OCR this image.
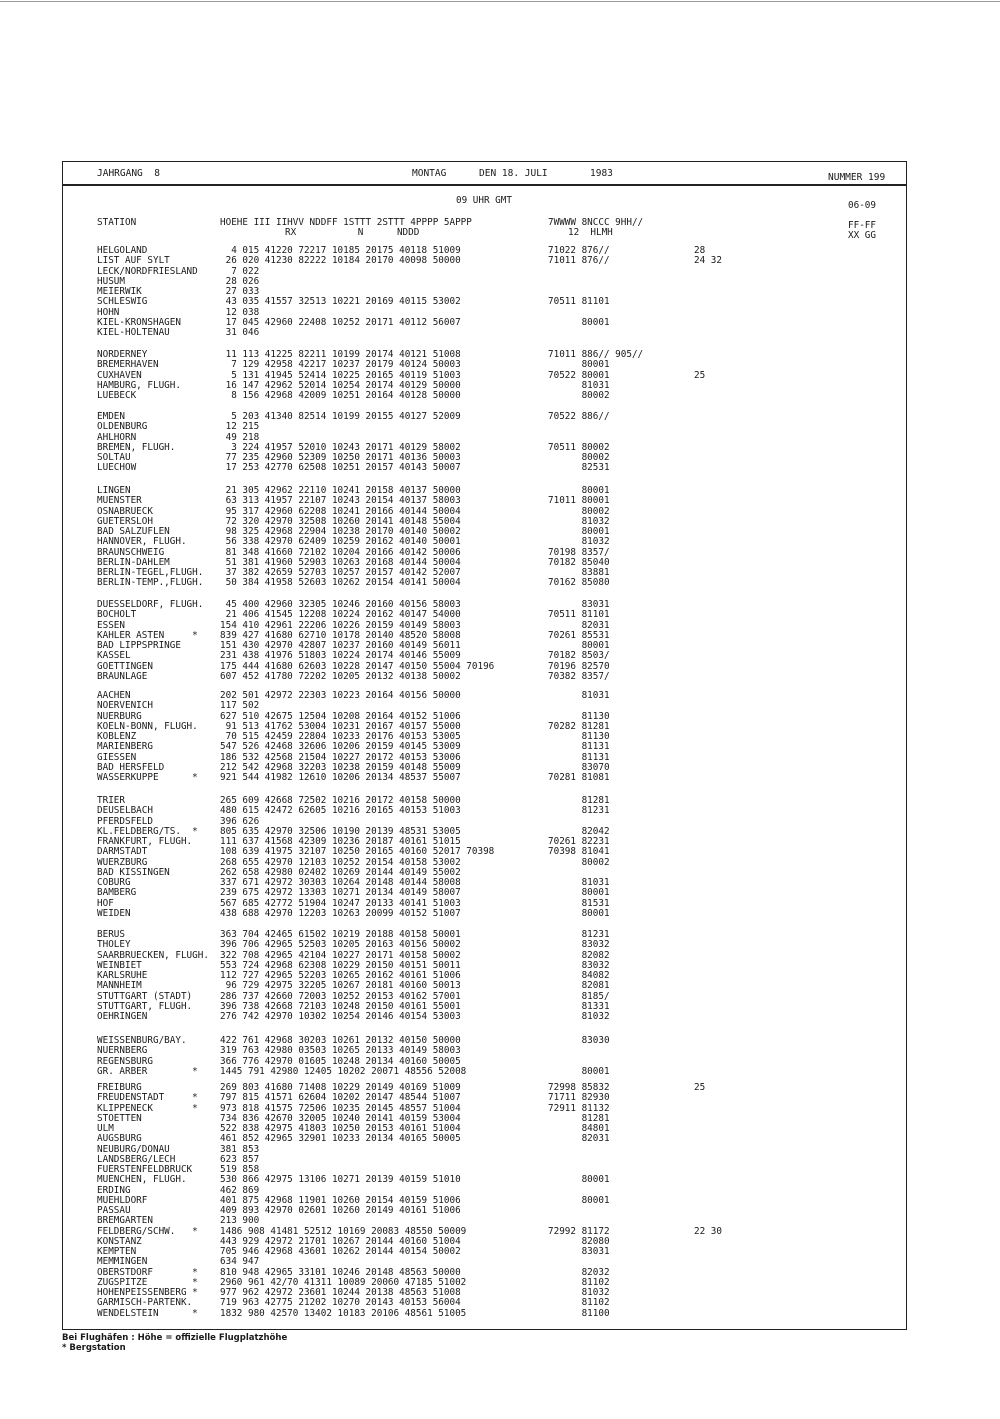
JAHRGANG  8	MONTAG	DEN 18. JULI	1983	NUMMER 199
09 UHR GMT	06-09
STATION	HOEHE III IIHVV NDDFF 1STTT 2STTT 4PPPP 5APPP	7WWWW 8NCCC 9HH//	FF-FF
RX           N      NDDD	12  HLMH	XX GG
HELGOLAND	4 015 41220 72217 10185 20175 40118 51009	71022 876//	28
LIST AUF SYLT	26 020 41230 82222 10184 20170 40098 50000	71011 876//	24 32
LECK/NORDFRIESLAND 7 022
HUSUM	28 026
MEIERWIK	27 033
SCHLESWIG	43 035 41557 32513 10221 20169 40115 53002	70511 81101
HOHN	12 038
KIEL-KRONSHAGEN	17 045 42960 22408 10252 20171 40112 56007	80001
KIEL-HOLTENAU	31 046
NORDERNEY	11 113 41225 82211 10199 20174 40121 51008	71011 886// 905//
BREMERHAVEN	7 129 42958 42217 10237 20179 40124 50003	80001
CUXHAVEN	5 131 41945 52414 10225 20165 40119 51003	70522 80001	25
HAMBURG, FLUGH.	16 147 42962 52014 10254 20174 40129 50000	81031
LUEBECK	8 156 42968 42009 10251 20164 40128 50000	80002
EMDEN	5 203 41340 82514 10199 20155 40127 52009	70522 886//
OLDENBURG	12 215
AHLHORN	49 218
BREMEN, FLUGH.	3 224 41957 52010 10243 20171 40129 58002	70511 80002
SOLTAU	77 235 42960 52309 10250 20171 40136 50003	80002
LUECHOW	17 253 42770 62508 10251 20157 40143 50007	82531
LINGEN	21 305 42962 22110 10241 20158 40137 50000	80001
MUENSTER	63 313 41957 22107 10243 20154 40137 58003	71011 80001
OSNABRUECK	95 317 42960 62208 10241 20166 40144 50004	80002
GUETERSLOH	72 320 42970 32508 10260 20141 40148 55004	81032
BAD SALZUFLEN	98 325 42968 22904 10238 20170 40140 50002	80001
HANNOVER, FLUGH.	56 338 42970 62409 10259 20162 40140 50001	81032
BRAUNSCHWEIG	81 348 41660 72102 10204 20166 40142 50006	70198 8357/
BERLIN-DAHLEM	51 381 41960 52903 10263 20168 40144 50004	70182 85040
BERLIN-TEGEL,FLUGH. 37 382 42659 52703 10257 20157 40142 52007	83881
BERLIN-TEMP.,FLUGH. 50 384 41958 52603 10262 20154 40141 50004	70162 85080
DUESSELDORF, FLUGH. 45 400 42960 32305 10246 20160 40156 58003	83031
BOCHOLT	21 406 41545 12208 10224 20162 40147 54000	70511 81101
ESSEN	154 410 42961 22206 10226 20159 40149 58003	82031
KAHLER ASTEN     * 839 427 41680 62710 10178 20140 48520 58008	70261 85531
BAD LIPPSPRINGE	151 430 42970 42807 10237 20160 40149 56011	80001
KASSEL	231 438 41976 51803 10224 20174 40146 55009	70182 8503/
GOETTINGEN	175 444 41680 62603 10228 20147 40150 55004 70196	70196 82570
BRAUNLAGE	607 452 41780 72202 10205 20132 40138 50002	70382 8357/
AACHEN	202 501 42972 22303 10223 20164 40156 50000	81031
NOERVENICH	117 502
NUERBURG	627 510 42675 12504 10208 20164 40152 51006	81130
KOELN-BONN, FLUGH. 91 513 41762 53004 10231 20167 40157 55000	70282 81281
KOBLENZ	70 515 42459 22804 10233 20176 40153 53005	81130
MARIENBERG	547 526 42468 32606 10206 20159 40145 53009	81131
GIESSEN	186 532 42568 21504 10227 20172 40153 53006	81131
BAD HERSFELD	212 542 42968 32203 10238 20159 40148 55009	83070
WASSERKUPPE      * 921 544 41982 12610 10206 20134 48537 55007	70281 81081
TRIER	265 609 42668 72502 10216 20172 40158 50000	81281
DEUSELBACH	480 615 42472 62605 10216 20165 40153 51003	81231
PFERDSFELD	396 626
KL.FELDBERG/TS.  * 805 635 42970 32506 10190 20139 48531 53005	82042
FRANKFURT, FLUGH.	111 637 41568 42309 10236 20187 40161 51015	70261 82231
DARMSTADT	108 639 41975 32107 10250 20165 40160 52017 70398	70398 81041
WUERZBURG	268 655 42970 12103 10252 20154 40158 53002	80002
BAD KISSINGEN	262 658 42980 02402 10269 20144 40149 55002
COBURG	337 671 42972 30303 10264 20148 40144 58008	81031
BAMBERG	239 675 42972 13303 10271 20134 40149 58007	80001
HOF	567 685 42772 51904 10247 20133 40141 51003	81531
WEIDEN	438 688 42970 12203 10263 20099 40152 51007	80001
BERUS	363 704 42465 61502 10219 20188 40158 50001	81231
THOLEY	396 706 42965 52503 10205 20163 40156 50002	83032
SAARBRUECKEN, FLUGH. 322 708 42965 42104 10227 20171 40158 50002	82082
WEINBIET	553 724 42968 62308 10229 20150 40151 50011	83032
KARLSRUHE	112 727 42965 52203 10265 20162 40161 51006	84082
MANNHEIM	96 729 42975 32205 10267 20181 40160 50013	82081
STUTTGART (STADT)	286 737 42660 72003 10252 20153 40162 57001	8185/
STUTTGART, FLUGH.	396 738 42668 72103 10248 20150 40161 55001	81331
OEHRINGEN	276 742 42970 10302 10254 20146 40154 53003	81032
WEISSENBURG/BAY.	422 761 42968 30203 10261 20132 40150 50000	83030
NUERNBERG	319 763 42980 03503 10265 20133 40149 58003
REGENSBURG	366 776 42970 01605 10248 20134 40160 50005
GR. ARBER        * 1445 791 42980 12405 10202 20071 48556 52008	80001
FREIBURG	269 803 41680 71408 10229 20149 40169 51009	72998 85832	25
FREUDENSTADT     * 797 815 41571 62604 10202 20147 48544 51007	71711 82930
KLIPPENECK       * 973 818 41575 72506 10235 20145 48557 51004	72911 81132
STOETTEN	734 836 42670 32005 10240 20141 40159 53004	81281
ULM	522 838 42975 41803 10250 20153 40161 51004	84801
AUGSBURG	461 852 42965 32901 10233 20134 40165 50005	82031
NEUBURG/DONAU	381 853
LANDSBERG/LECH	623 857
FUERSTENFELDBRUCK	519 858
MUENCHEN, FLUGH.	530 866 42975 13106 10271 20139 40159 51010	80001
ERDING	462 869
MUEHLDORF	401 875 42968 11901 10260 20154 40159 51006	80001
PASSAU	409 893 42970 02601 10260 20149 40161 51006
BREMGARTEN	213 900
FELDBERG/SCHW.   * 1486 908 41481 52512 10169 20083 48550 50009	72992 81172	22 30
KONSTANZ	443 929 42972 21701 10267 20144 40160 51004	82080
KEMPTEN	705 946 42968 43601 10262 20144 40154 50002	83031
MEMMINGEN	634 947
OBERSTDORF       * 810 948 42965 33101 10246 20148 48563 50000	82032
ZUGSPITZE        * 2960 961 42/70 41311 10089 20060 47185 51002	81102
HOHENPEISSENBERG * 977 962 42972 23601 10244 20138 48563 51008	81032
GARMISCH-PARTENK.	719 963 42775 21202 10270 20143 40153 56004	81102
WENDELSTEIN      * 1832 980 42570 13402 10183 20106 48561 51005	81100
Bei Flughäfen : Höhe = offizielle Flugplatzhöhe
* Bergstation
